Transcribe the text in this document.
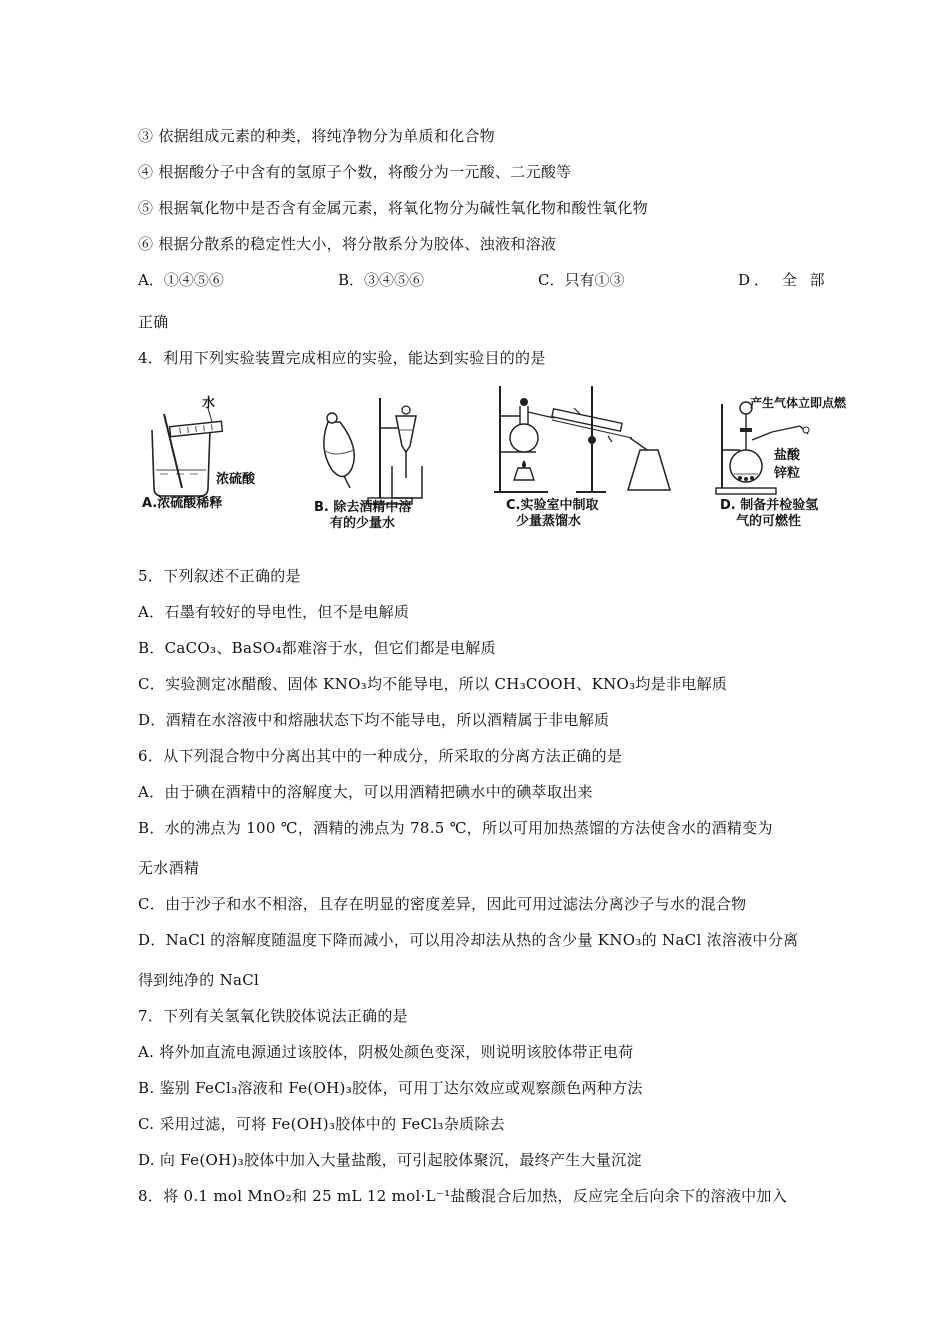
③ 依据组成元素的种类，将纯净物分为单质和化合物
④ 根据酸分子中含有的氢原子个数，将酸分为一元酸、二元酸等
⑤ 根据氧化物中是否含有金属元素，将氧化物分为碱性氧化物和酸性氧化物
⑥ 根据分散系的稳定性大小，将分散系分为胶体、浊液和溶液
A．①④⑤⑥	B．③④⑤⑥	C．只有①③	D． 全 部
正确
4．利用下列实验装置完成相应的实验，能达到实验目的的是
水
浓硫酸
A.浓硫酸稀释	B. 除去酒精中溶
有的少量水
C.实验室中制取
少量蒸馏水
产生气体立即点燃
盐酸
锌粒
D. 制备并检验氢
气的可燃性
5．下列叙述不正确的是
A．石墨有较好的导电性，但不是电解质
B．CaCO₃、BaSO₄都难溶于水，但它们都是电解质
C．实验测定冰醋酸、固体 KNO₃均不能导电，所以 CH₃COOH、KNO₃均是非电解质
D．酒精在水溶液中和熔融状态下均不能导电，所以酒精属于非电解质
6．从下列混合物中分离出其中的一种成分，所采取的分离方法正确的是
A．由于碘在酒精中的溶解度大，可以用酒精把碘水中的碘萃取出来
B．水的沸点为 100 ℃，酒精的沸点为 78.5 ℃，所以可用加热蒸馏的方法使含水的酒精变为
无水酒精
C．由于沙子和水不相溶，且存在明显的密度差异，因此可用过滤法分离沙子与水的混合物
D．NaCl 的溶解度随温度下降而减小，可以用冷却法从热的含少量 KNO₃的 NaCl 浓溶液中分离
得到纯净的 NaCl
7．下列有关氢氧化铁胶体说法正确的是
A. 将外加直流电源通过该胶体，阴极处颜色变深，则说明该胶体带正电荷
B. 鉴别 FeCl₃溶液和 Fe(OH)₃胶体，可用丁达尔效应或观察颜色两种方法
C. 采用过滤，可将 Fe(OH)₃胶体中的 FeCl₃杂质除去
D. 向 Fe(OH)₃胶体中加入大量盐酸，可引起胶体聚沉，最终产生大量沉淀
8．将 0.1 mol MnO₂和 25 mL 12 mol·L⁻¹盐酸混合后加热，反应完全后向余下的溶液中加入
